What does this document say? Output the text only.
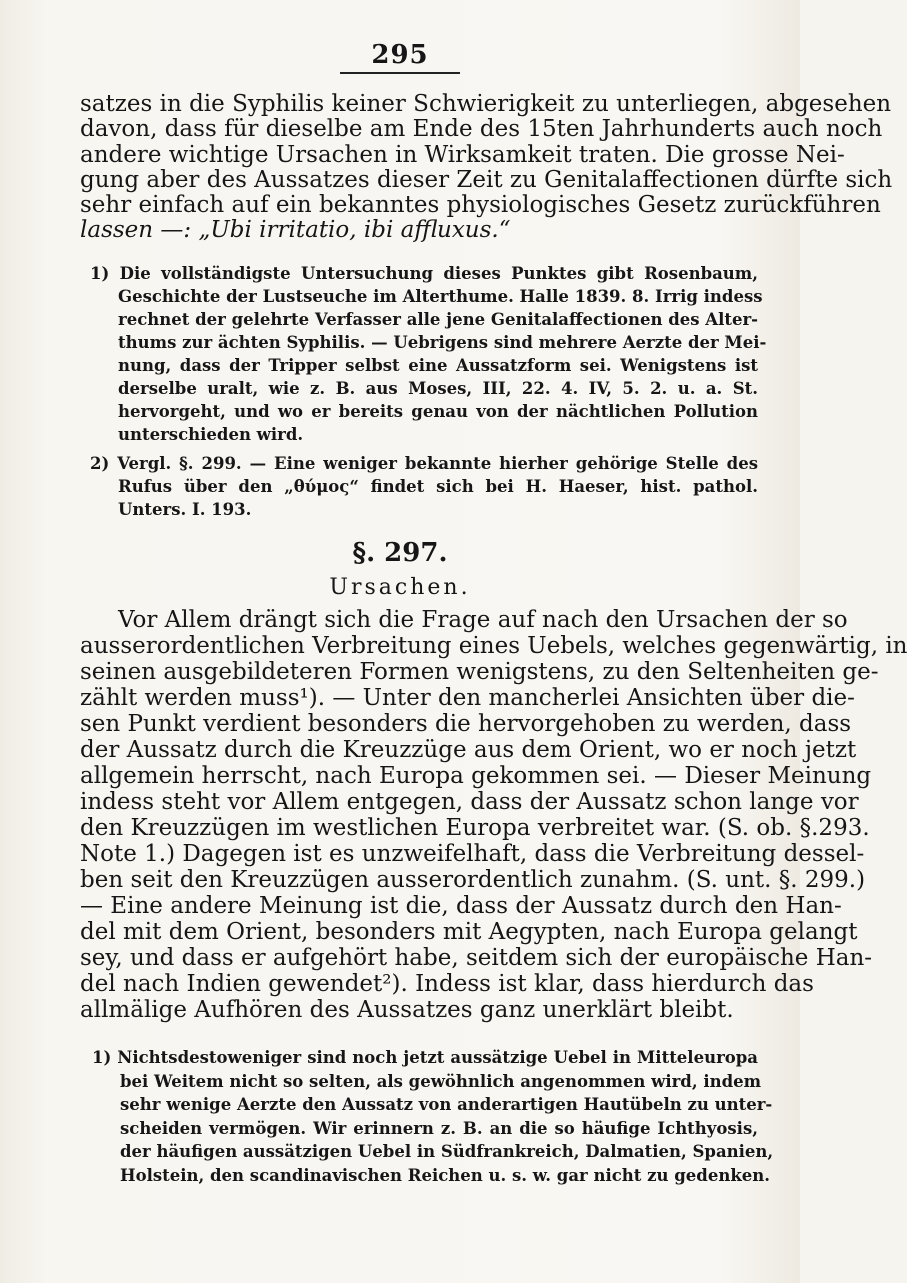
295
satzes in die Syphilis keiner Schwierigkeit zu unterliegen, abgesehen
davon, dass für dieselbe am Ende des 15ten Jahrhunderts auch noch
andere wichtige Ursachen in Wirksamkeit traten. Die grosse Nei-
gung aber des Aussatzes dieser Zeit zu Genitalaffectionen dürfte sich
sehr einfach auf ein bekanntes physiologisches Gesetz zurückführen
lassen —: „Ubi irritatio, ibi affluxus.“
1) Die vollständigste Untersuchung dieses Punktes gibt Rosenbaum,
Geschichte der Lustseuche im Alterthume. Halle 1839. 8. Irrig indess
rechnet der gelehrte Verfasser alle jene Genitalaffectionen des Alter-
thums zur ächten Syphilis. — Uebrigens sind mehrere Aerzte der Mei-
nung, dass der Tripper selbst eine Aussatzform sei. Wenigstens ist
derselbe uralt, wie z. B. aus Moses, III, 22. 4. IV, 5. 2. u. a. St.
hervorgeht, und wo er bereits genau von der nächtlichen Pollution
unterschieden wird.
2) Vergl. §. 299. — Eine weniger bekannte hierher gehörige Stelle des
Rufus über den „θύμος“ findet sich bei H. Haeser, hist. pathol.
Unters. I. 193.
§. 297.
Ursachen.
Vor Allem drängt sich die Frage auf nach den Ursachen der so
ausserordentlichen Verbreitung eines Uebels, welches gegenwärtig, in
seinen ausgebildeteren Formen wenigstens, zu den Seltenheiten ge-
zählt werden muss¹). — Unter den mancherlei Ansichten über die-
sen Punkt verdient besonders die hervorgehoben zu werden, dass
der Aussatz durch die Kreuzzüge aus dem Orient, wo er noch jetzt
allgemein herrscht, nach Europa gekommen sei. — Dieser Meinung
indess steht vor Allem entgegen, dass der Aussatz schon lange vor
den Kreuzzügen im westlichen Europa verbreitet war. (S. ob. §.293.
Note 1.) Dagegen ist es unzweifelhaft, dass die Verbreitung dessel-
ben seit den Kreuzzügen ausserordentlich zunahm. (S. unt. §. 299.)
— Eine andere Meinung ist die, dass der Aussatz durch den Han-
del mit dem Orient, besonders mit Aegypten, nach Europa gelangt
sey, und dass er aufgehört habe, seitdem sich der europäische Han-
del nach Indien gewendet²). Indess ist klar, dass hierdurch das
allmälige Aufhören des Aussatzes ganz unerklärt bleibt.
1) Nichtsdestoweniger sind noch jetzt aussätzige Uebel in Mitteleuropa
bei Weitem nicht so selten, als gewöhnlich angenommen wird, indem
sehr wenige Aerzte den Aussatz von anderartigen Hautübeln zu unter-
scheiden vermögen. Wir erinnern z. B. an die so häufige Ichthyosis,
der häufigen aussätzigen Uebel in Südfrankreich, Dalmatien, Spanien,
Holstein, den scandinavischen Reichen u. s. w. gar nicht zu gedenken.
